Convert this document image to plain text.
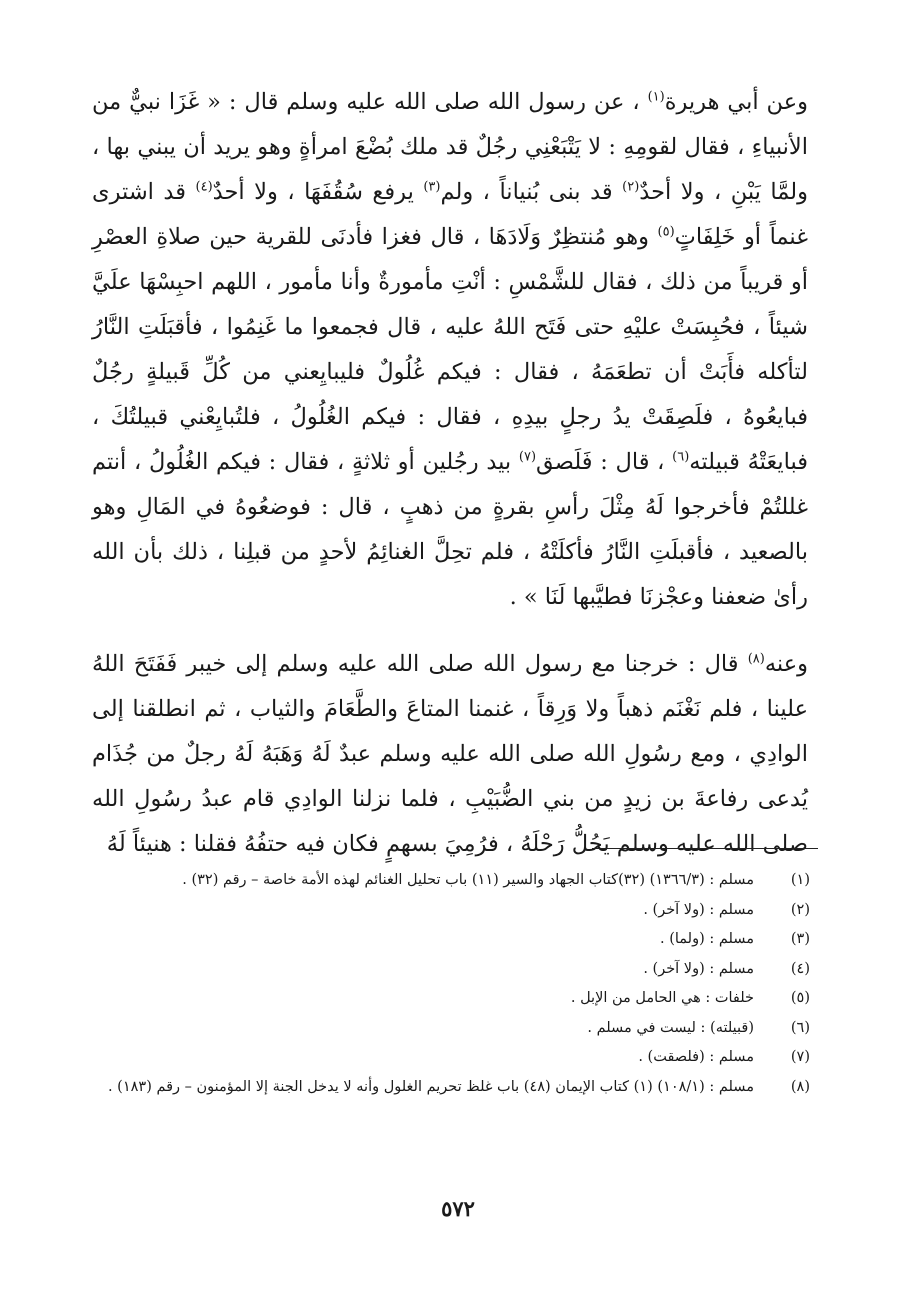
وعن أبي هريرة$^{(١)}$ ، عن رسول الله صلى الله عليه وسلم قال : « غَزَا نبيٌّ من الأنبياءِ ، فقال لقومِهِ : لا يَتْبَعْنِي رجُلٌ قد ملك بُضْعَ امرأةٍ وهو يريد أن يبني بها ، ولمَّا يَبْنِ ، ولا أحدٌ$^{(٢)}$ قد بنى بُنياناً ، ولم$^{(٣)}$ يرفع سُقُفَهَا ، ولا أحدٌ$^{(٤)}$ قد اشترى غنماً أو خَلِفَاتٍ$^{(٥)}$ وهو مُنتظِرٌ وَلَادَهَا ، قال فغزا فأدنَى للقرية حين صلاةِ العصْرِ أو قريباً من ذلك ، فقال للشَّمْسِ : أنْتِ مأمورةٌ وأنا مأمور ، اللهم احبِسْهَا علَيَّ شيئاً ، فحُبِسَتْ عليْهِ حتى فَتَح اللهُ عليه ، قال فجمعوا ما غَنِمُوا ، فأقبَلَتِ النَّارُ لتأكله فأَبَتْ أن تطعَمَهُ ، فقال : فيكم غُلُولٌ فليبايِعني من كُلِّ قَبيلةٍ رجُلٌ فبايعُوهُ ، فلَصِقَتْ يدُ رجلٍ بيدِهِ ، فقال : فيكم الغُلُولُ ، فلتُبايِعْني قبيلتُكَ ، فبايعَتْهُ قبيلته$^{(٦)}$ ، قال : فَلَصق$^{(٧)}$ بيد رجُلين أو ثلاثةٍ ، فقال : فيكم الغُلُولُ ، أنتم غللتُمْ فأخرجوا لَهُ مِثْلَ رأسِ بقرةٍ من ذهبٍ ، قال : فوضعُوهُ في المَالِ وهو بالصعيد ، فأقبلَتِ النَّارُ فأكلَتْهُ ، فلم تحِلَّ الغنائِمُ لأحدٍ من قبلِنا ، ذلك بأن الله رأىٰ ضعفنا وعجْزنَا فطيَّبها لَنَا » .

وعنه$^{(٨)}$ قال : خرجنا مع رسول الله صلى الله عليه وسلم إلى خيبر فَفَتَحَ اللهُ علينا ، فلم نَغْنَم ذهباً ولا وَرِقاً ، غنمنا المتاعَ والطَّعَامَ والثياب ، ثم انطلقنا إلى الوادِي ، ومع رسُولِ الله صلى الله عليه وسلم عبدٌ لَهُ وَهَبَهُ لَهُ رجلٌ من جُذَام يُدعى رفاعةَ بن زيدٍ من بني الضُّبَيْبِ ، فلما نزلنا الوادِي قام عبدُ رسُولِ الله صلى الله عليه وسلم يَحُلُّ رَحْلَهُ ، فرُمِيَ بسهمٍ فكان فيه حتفُهُ فقلنا : هنيئاً لَهُ

(١)
مسلم : (١٣٦٦/٣) (٣٢)كتاب الجهاد والسير (١١) باب تحليل الغنائم لهذه الأمة خاصة – رقم (٣٢) .
(٢)
مسلم : (ولا آخر) .
(٣)
مسلم : (ولما) .
(٤)
مسلم : (ولا آخر) .
(٥)
خلفات : هي الحامل من الإبل .
(٦)
(قبيلته) : ليست في مسلم .
(٧)
مسلم : (فلصقت) .
(٨)
مسلم : (١٠٨/١) (١) كتاب الإيمان (٤٨) باب غلظ تحريم الغلول وأنه لا يدخل الجنة إلا المؤمنون – رقم (١٨٣) .
٥٧٢
